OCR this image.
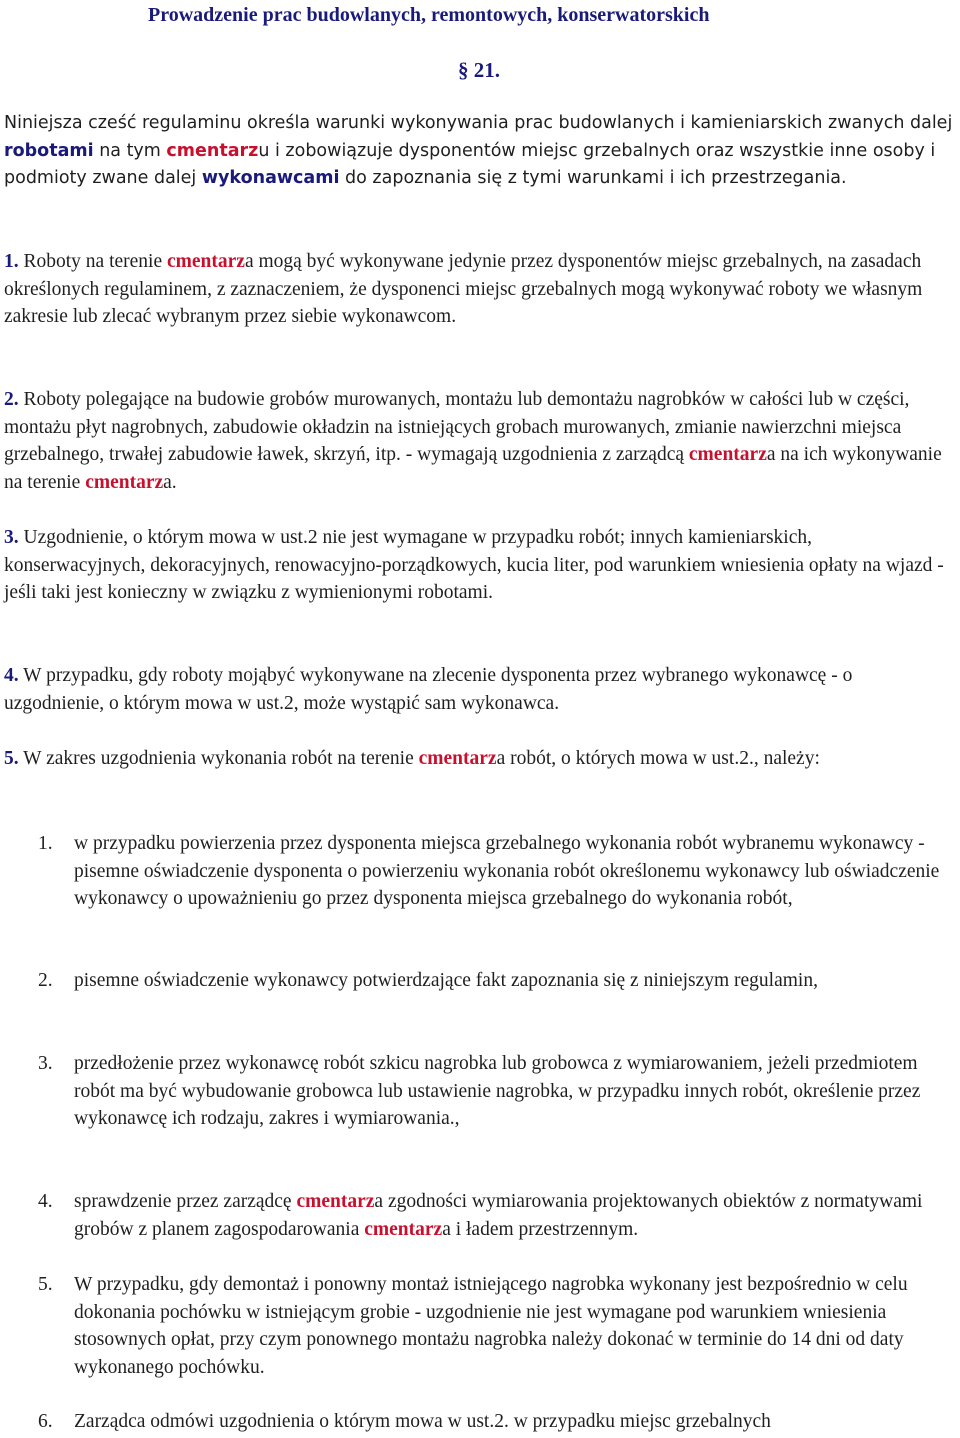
Prowadzenie prac budowlanych, remontowych, konserwatorskich
§ 21.

Niniejsza cześć regulaminu określa warunki wykonywania prac budowlanych i kamieniarskich zwanych dalej robotami na tym cmentarzu i zobowiązuje dysponentów miejsc grzebalnych oraz wszystkie inne osoby i podmioty zwane dalej wykonawcami do zapoznania się z tymi warunkami i ich przestrzegania.

1. Roboty na terenie cmentarza mogą być wykonywane jedynie przez dysponentów miejsc grzebalnych, na zasadach określonych regulaminem, z zaznaczeniem, że dysponenci miejsc grzebalnych mogą wykonywać roboty we własnym zakresie lub zlecać wybranym przez siebie wykonawcom.

2. Roboty polegające na budowie grobów murowanych, montażu lub demontażu nagrobków w całości lub w części, montażu płyt nagrobnych, zabudowie okładzin na istniejących grobach murowanych, zmianie nawierzchni miejsca grzebalnego, trwałej zabudowie ławek, skrzyń, itp. - wymagają uzgodnienia z zarządcą cmentarza na ich wykonywanie na terenie cmentarza.

3. Uzgodnienie, o którym mowa w ust.2 nie jest wymagane w przypadku robót; innych kamieniarskich, konserwacyjnych, dekoracyjnych, renowacyjno-porządkowych, kucia liter, pod warunkiem wniesienia opłaty na wjazd - jeśli taki jest konieczny w związku z wymienionymi robotami.

4. W przypadku, gdy roboty mojąbyć wykonywane na zlecenie dysponenta przez wybranego wykonawcę - o uzgodnienie, o którym mowa w ust.2, może wystąpić sam wykonawca.

5. W zakres uzgodnienia wykonania robót na terenie cmentarza robót, o których mowa w ust.2., należy:

1. w przypadku powierzenia przez dysponenta miejsca grzebalnego wykonania robót wybranemu wykonawcy - pisemne oświadczenie dysponenta o powierzeniu wykonania robót określonemu wykonawcy lub oświadczenie wykonawcy o upoważnieniu go przez dysponenta miejsca grzebalnego do wykonania robót,
2. pisemne oświadczenie wykonawcy potwierdzające fakt zapoznania się z niniejszym regulamin,
3. przedłożenie przez wykonawcę robót szkicu nagrobka lub grobowca z wymiarowaniem, jeżeli przedmiotem robót ma być wybudowanie grobowca lub ustawienie nagrobka, w przypadku innych robót, określenie przez wykonawcę ich rodzaju, zakres i wymiarowania.,
4. sprawdzenie przez zarządcę cmentarza zgodności wymiarowania projektowanych obiektów z normatywami grobów z planem zagospodarowania cmentarza i ładem przestrzennym.
5. W przypadku, gdy demontaż i ponowny montaż istniejącego nagrobka wykonany jest bezpośrednio w celu dokonania pochówku w istniejącym grobie - uzgodnienie nie jest wymagane pod warunkiem wniesienia stosownych opłat, przy czym ponownego montażu nagrobka należy dokonać w terminie do 14 dni od daty wykonanego pochówku.
6. Zarządca odmówi uzgodnienia o którym mowa w ust.2. w przypadku miejsc grzebalnych
